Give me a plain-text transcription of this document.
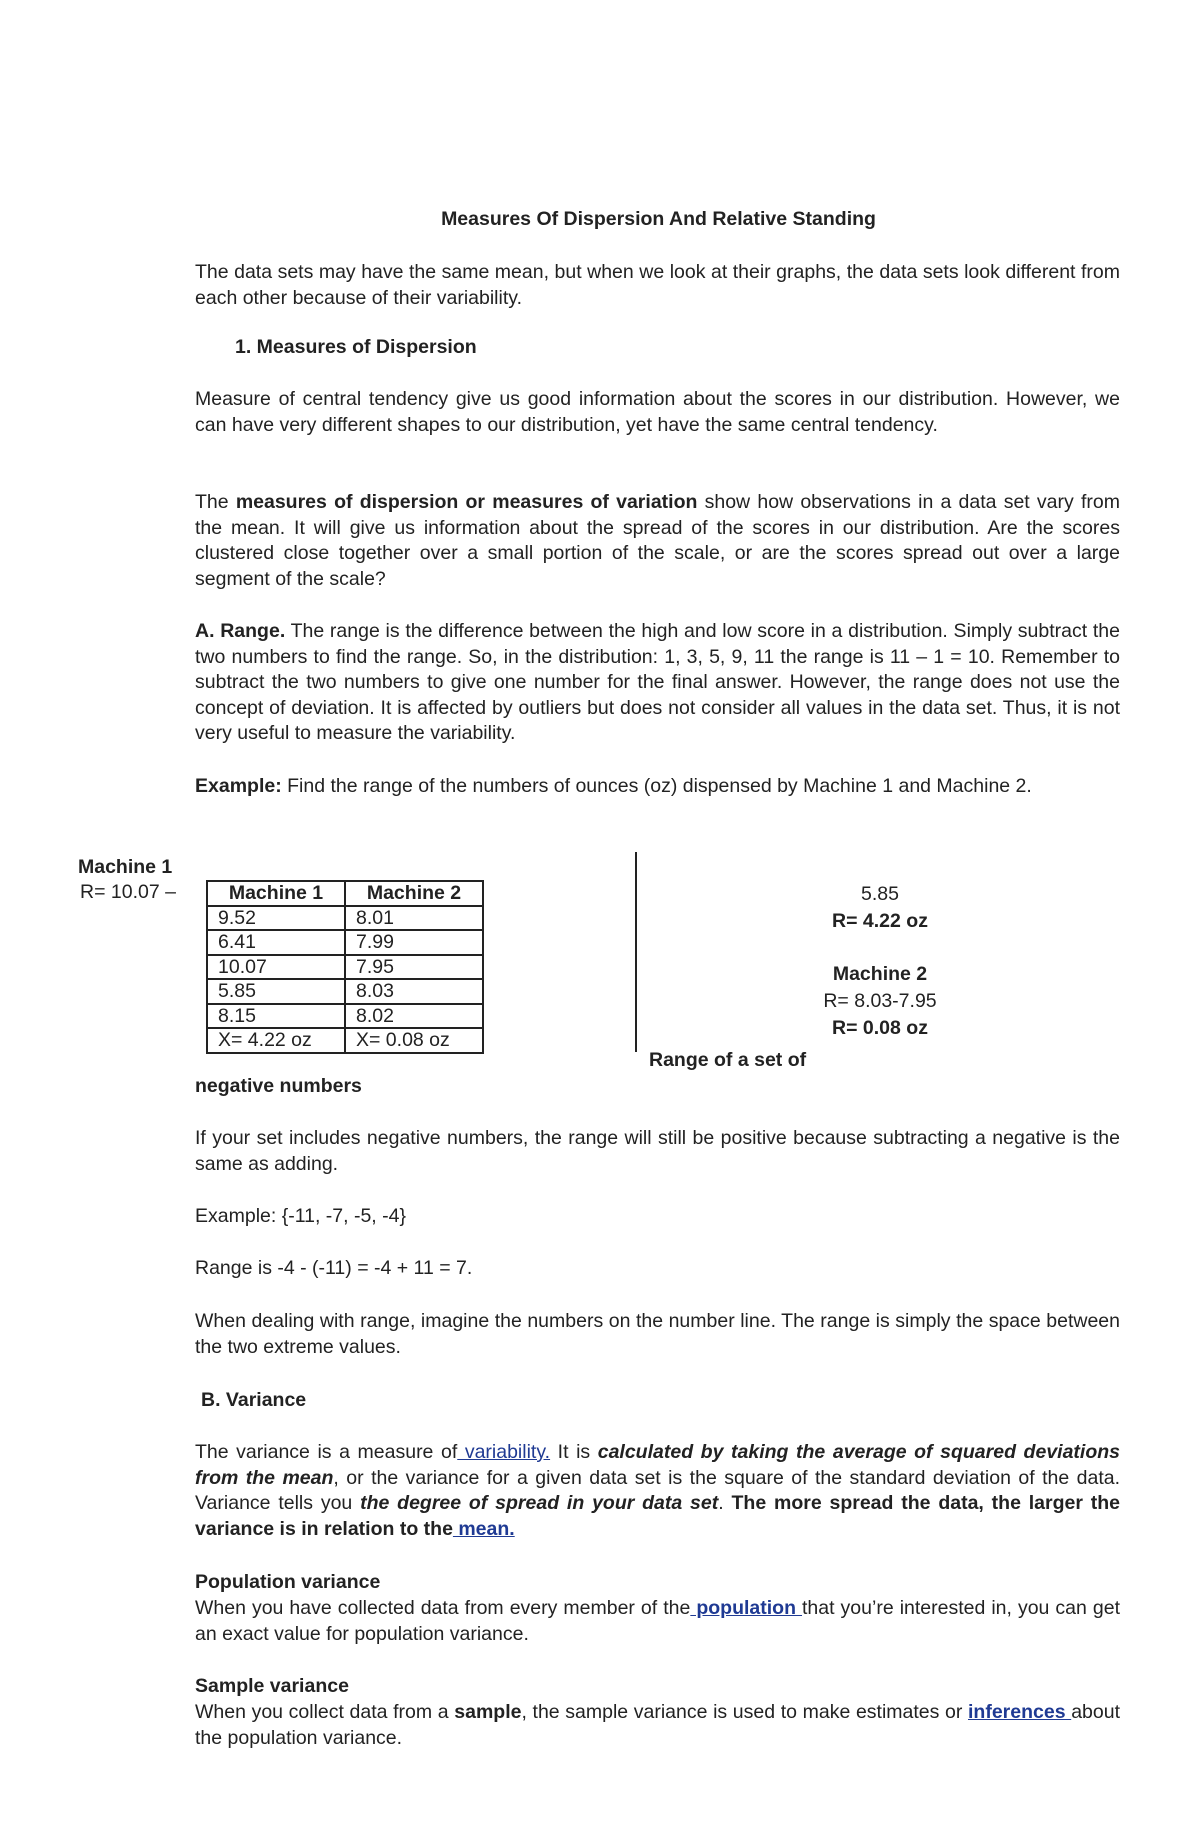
Measures Of Dispersion And Relative Standing

The data sets may have the same mean, but when we look at their graphs, the data sets look different from each other because of their variability.

1. Measures of Dispersion

Measure of central tendency give us good information about the scores in our distribution. However, we can have very different shapes to our distribution, yet have the same central tendency.

The measures of dispersion or measures of variation show how observations in a data set vary from the mean. It will give us information about the spread of the scores in our distribution. Are the scores clustered close together over a small portion of the scale, or are the scores spread out over a large segment of the scale?

A. Range. The range is the difference between the high and low score in a distribution. Simply subtract the two numbers to find the range. So, in the distribution: 1, 3, 5, 9, 11 the range is 11 – 1 = 10. Remember to subtract the two numbers to give one number for the final answer. However, the range does not use the concept of deviation. It is affected by outliers but does not consider all values in the data set. Thus, it is not very useful to measure the variability.

Example: Find the range of the numbers of ounces (oz) dispensed by Machine 1 and Machine 2.

Machine 1

R= 10.07 –	Machine 1	Machine 2
9.52	8.01
6.41	7.99
10.07	7.95
5.85	8.03
8.15	8.02
X= 4.22 oz	X= 0.08 oz

5.85

R= 4.22 oz

Machine 2

R= 8.03-7.95

R= 0.08 oz

Range of a set of

negative numbers

If your set includes negative numbers, the range will still be positive because subtracting a negative is the same as adding.

Example: {-11, -7, -5, -4}

Range is -4 - (-11) = -4 + 11 = 7.

When dealing with range, imagine the numbers on the number line. The range is simply the space between the two extreme values.

B. Variance

The variance is a measure of variability. It is calculated by taking the average of squared deviations from the mean, or the variance for a given data set is the square of the standard deviation of the data. Variance tells you the degree of spread in your data set. The more spread the data, the larger the variance is in relation to the mean.

Population variance

When you have collected data from every member of the population that you’re interested in, you can get an exact value for population variance.

Sample variance

When you collect data from a sample, the sample variance is used to make estimates or inferences about the population variance.
